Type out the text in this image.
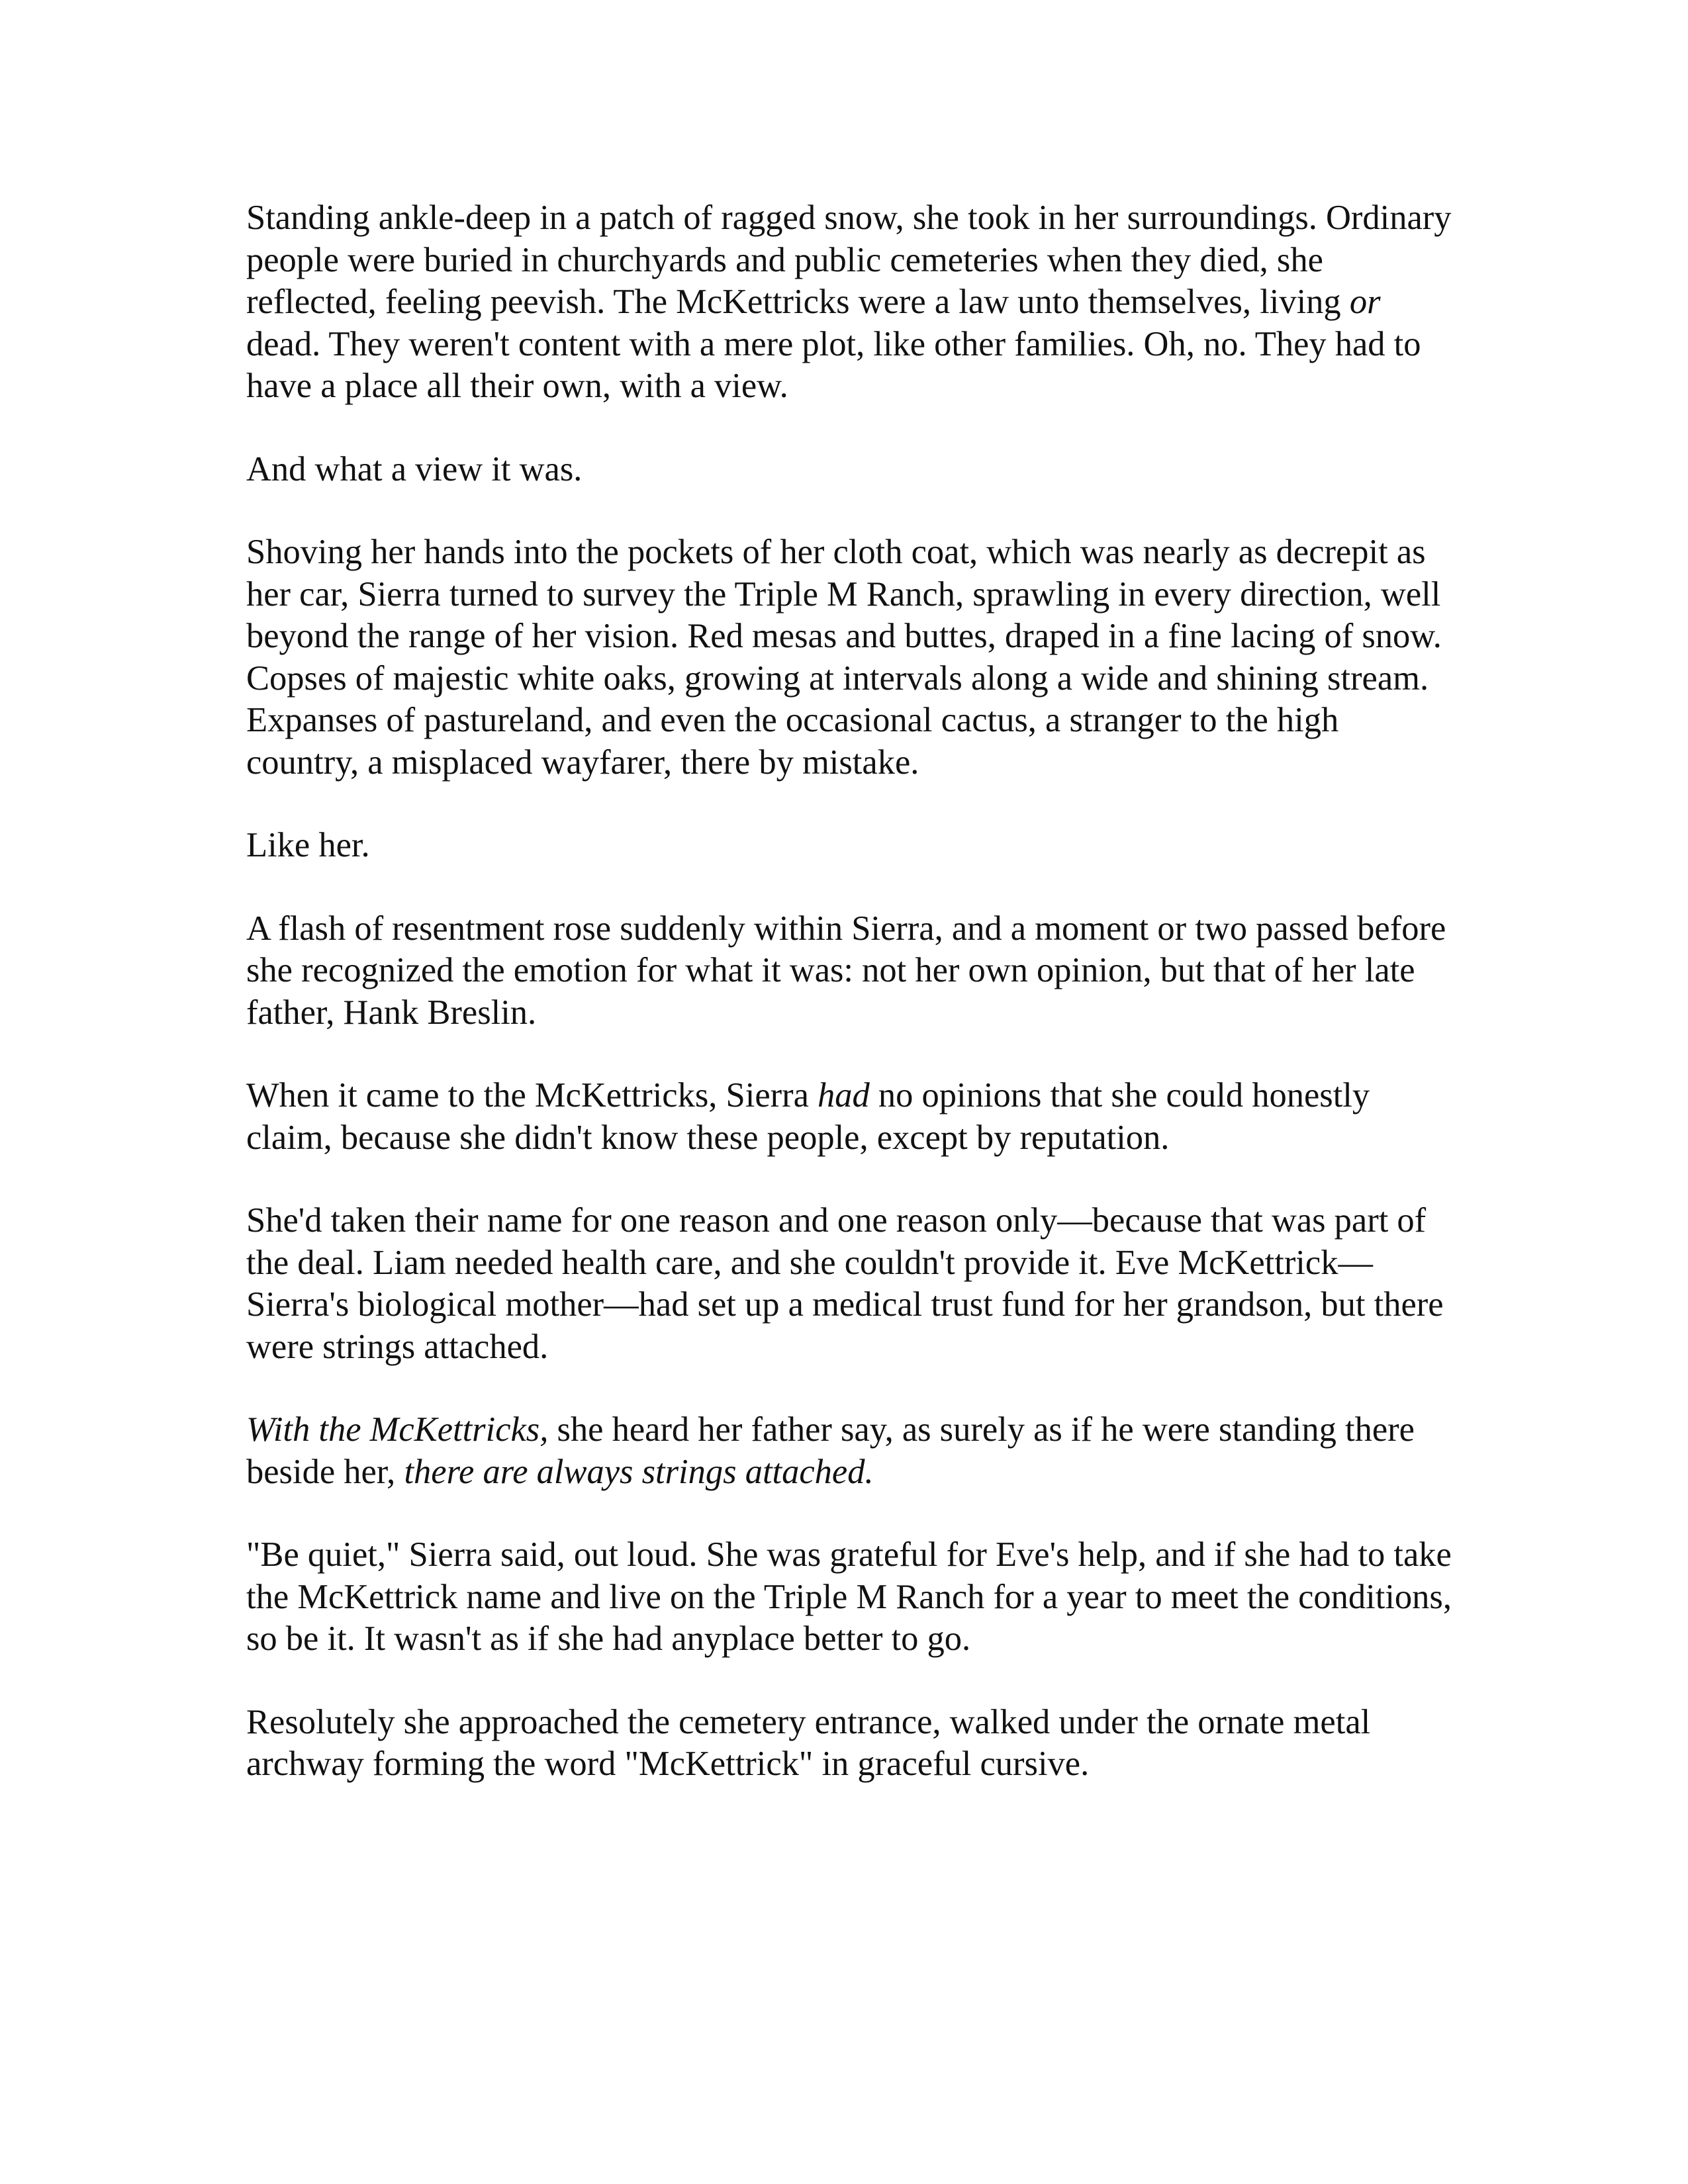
Standing ankle-deep in a patch of ragged snow, she took in her surroundings. Ordinary people were buried in churchyards and public cemeteries when they died, she reflected, feeling peevish. The McKettricks were a law unto themselves, living or dead. They weren't content with a mere plot, like other families. Oh, no. They had to have a place all their own, with a view.

And what a view it was.

Shoving her hands into the pockets of her cloth coat, which was nearly as decrepit as her car, Sierra turned to survey the Triple M Ranch, sprawling in every direction, well beyond the range of her vision. Red mesas and buttes, draped in a fine lacing of snow. Copses of majestic white oaks, growing at intervals along a wide and shining stream. Expanses of pastureland, and even the occasional cactus, a stranger to the high country, a misplaced wayfarer, there by mistake.

Like her.

A flash of resentment rose suddenly within Sierra, and a moment or two passed before she recognized the emotion for what it was: not her own opinion, but that of her late father, Hank Breslin.

When it came to the McKettricks, Sierra had no opinions that she could honestly claim, because she didn't know these people, except by reputation.

She'd taken their name for one reason and one reason only—because that was part of the deal. Liam needed health care, and she couldn't provide it. Eve McKettrick—Sierra's biological mother—had set up a medical trust fund for her grandson, but there were strings attached.

With the McKettricks, she heard her father say, as surely as if he were standing there beside her, there are always strings attached.

"Be quiet," Sierra said, out loud. She was grateful for Eve's help, and if she had to take the McKettrick name and live on the Triple M Ranch for a year to meet the conditions, so be it. It wasn't as if she had anyplace better to go.

Resolutely she approached the cemetery entrance, walked under the ornate metal archway forming the word "McKettrick" in graceful cursive.
